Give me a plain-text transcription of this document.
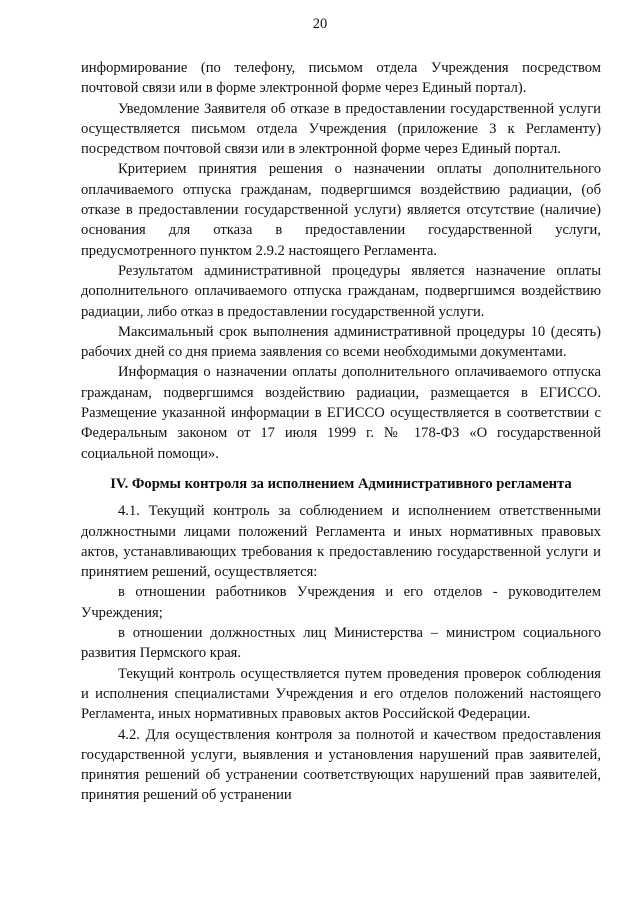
20

информирование (по телефону, письмом отдела Учреждения посредством почтовой связи или в форме электронной форме через Единый портал).

Уведомление Заявителя об отказе в предоставлении государственной услуги осуществляется письмом отдела Учреждения (приложение 3 к Регламенту) посредством почтовой связи или в электронной форме через Единый портал.

Критерием принятия решения о назначении оплаты дополнительного оплачиваемого отпуска гражданам, подвергшимся воздействию радиации, (об отказе в предоставлении государственной услуги) является отсутствие (наличие) основания для отказа в предоставлении государственной услуги, предусмотренного пунктом 2.9.2 настоящего Регламента.

Результатом административной процедуры является назначение оплаты дополнительного оплачиваемого отпуска гражданам, подвергшимся воздействию радиации, либо отказ в предоставлении государственной услуги.

Максимальный срок выполнения административной процедуры 10 (десять) рабочих дней со дня приема заявления со всеми необходимыми документами.

Информация о назначении оплаты дополнительного оплачиваемого отпуска гражданам, подвергшимся воздействию радиации, размещается в ЕГИССО. Размещение указанной информации в ЕГИССО осуществляется в соответствии с Федеральным законом от 17 июля 1999 г. № 178-ФЗ «О государственной социальной помощи».

IV. Формы контроля за исполнением Административного регламента

4.1. Текущий контроль за соблюдением и исполнением ответственными должностными лицами положений Регламента и иных нормативных правовых актов, устанавливающих требования к предоставлению государственной услуги и принятием решений, осуществляется:

в отношении работников Учреждения и его отделов - руководителем Учреждения;

в отношении должностных лиц Министерства – министром социального развития Пермского края.

Текущий контроль осуществляется путем проведения проверок соблюдения и исполнения специалистами Учреждения и его отделов положений настоящего Регламента, иных нормативных правовых актов Российской Федерации.

4.2. Для осуществления контроля за полнотой и качеством предоставления государственной услуги, выявления и установления нарушений прав заявителей, принятия решений об устранении соответствующих нарушений прав заявителей, принятия решений об устранении
